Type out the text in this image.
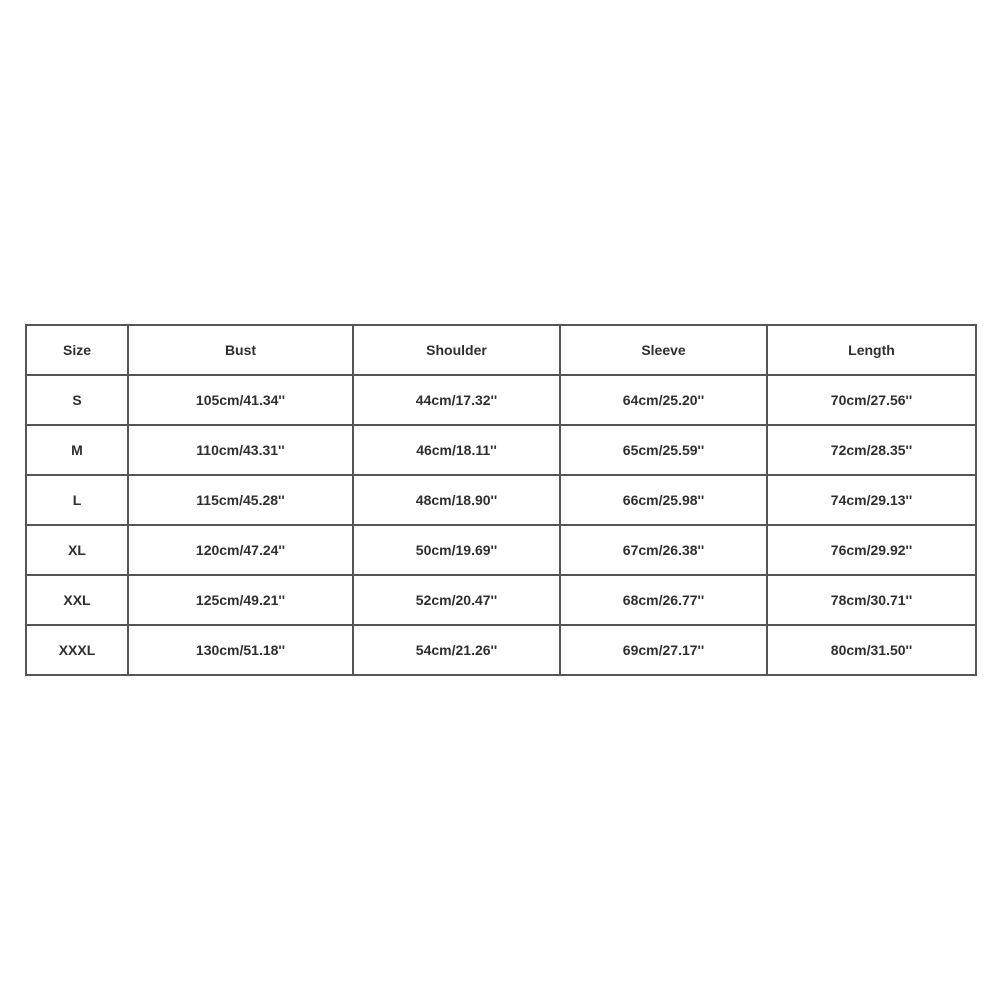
Size	Bust	Shoulder	Sleeve	Length
S	105cm/41.34''	44cm/17.32''	64cm/25.20''	70cm/27.56''
M	110cm/43.31''	46cm/18.11''	65cm/25.59''	72cm/28.35''
L	115cm/45.28''	48cm/18.90''	66cm/25.98''	74cm/29.13''
XL	120cm/47.24''	50cm/19.69''	67cm/26.38''	76cm/29.92''
XXL	125cm/49.21''	52cm/20.47''	68cm/26.77''	78cm/30.71''
XXXL	130cm/51.18''	54cm/21.26''	69cm/27.17''	80cm/31.50''
